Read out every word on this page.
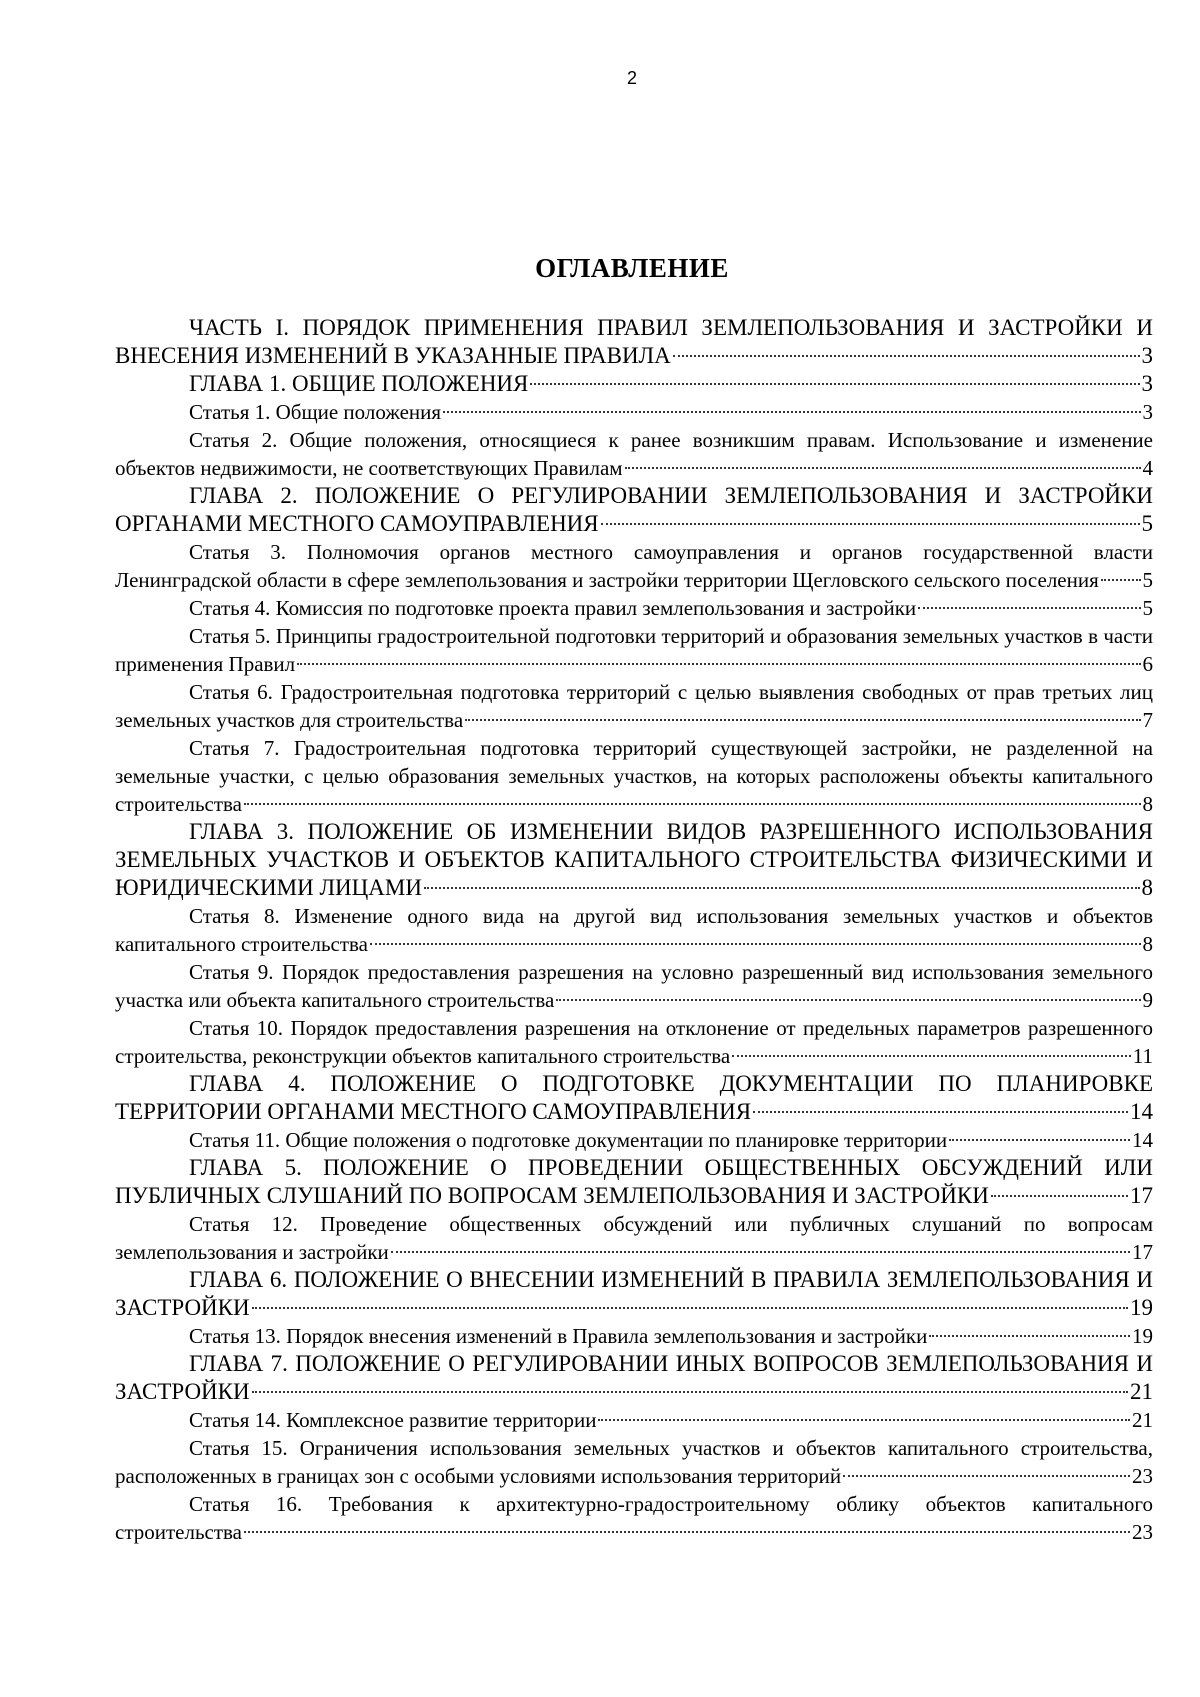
2
ОГЛАВЛЕНИЕ
ЧАСТЬ I. ПОРЯДОК ПРИМЕНЕНИЯ ПРАВИЛ ЗЕМЛЕПОЛЬЗОВАНИЯ И ЗАСТРОЙКИ И
ВНЕСЕНИЯ ИЗМЕНЕНИЙ В УКАЗАННЫЕ ПРАВИЛА	3
ГЛАВА 1. ОБЩИЕ ПОЛОЖЕНИЯ	3
Статья 1. Общие положения	3
Статья 2. Общие положения, относящиеся к ранее возникшим правам. Использование и изменение
объектов недвижимости, не соответствующих Правилам	4
ГЛАВА 2. ПОЛОЖЕНИЕ О РЕГУЛИРОВАНИИ ЗЕМЛЕПОЛЬЗОВАНИЯ И ЗАСТРОЙКИ
ОРГАНАМИ МЕСТНОГО САМОУПРАВЛЕНИЯ	5
Статья 3. Полномочия органов местного самоуправления и органов государственной власти
Ленинградской области в сфере землепользования и застройки территории Щегловского сельского поселения 5
Статья 4. Комиссия по подготовке проекта правил землепользования и застройки	5
Статья 5. Принципы градостроительной подготовки территорий и образования земельных участков в части
применения Правил	6
Статья 6. Градостроительная подготовка территорий с целью выявления свободных от прав третьих лиц
земельных участков для строительства	7
Статья 7. Градостроительная подготовка территорий существующей застройки, не разделенной на
земельные участки, с целью образования земельных участков, на которых расположены объекты капитального
строительства	8
ГЛАВА 3. ПОЛОЖЕНИЕ ОБ ИЗМЕНЕНИИ ВИДОВ РАЗРЕШЕННОГО ИСПОЛЬЗОВАНИЯ
ЗЕМЕЛЬНЫХ УЧАСТКОВ И ОБЪЕКТОВ КАПИТАЛЬНОГО СТРОИТЕЛЬСТВА ФИЗИЧЕСКИМИ И
ЮРИДИЧЕСКИМИ ЛИЦАМИ	8
Статья 8. Изменение одного вида на другой вид использования земельных участков и объектов
капитального строительства	8
Статья 9. Порядок предоставления разрешения на условно разрешенный вид использования земельного
участка или объекта капитального строительства	9
Статья 10. Порядок предоставления разрешения на отклонение от предельных параметров разрешенного
строительства, реконструкции объектов капитального строительства	11
ГЛАВА 4. ПОЛОЖЕНИЕ О ПОДГОТОВКЕ ДОКУМЕНТАЦИИ ПО ПЛАНИРОВКЕ
ТЕРРИТОРИИ ОРГАНАМИ МЕСТНОГО САМОУПРАВЛЕНИЯ	14
Статья 11. Общие положения о подготовке документации по планировке территории	14
ГЛАВА 5. ПОЛОЖЕНИЕ О ПРОВЕДЕНИИ ОБЩЕСТВЕННЫХ ОБСУЖДЕНИЙ ИЛИ
ПУБЛИЧНЫХ СЛУШАНИЙ ПО ВОПРОСАМ ЗЕМЛЕПОЛЬЗОВАНИЯ И ЗАСТРОЙКИ	17
Статья 12. Проведение общественных обсуждений или публичных слушаний по вопросам
землепользования и застройки	17
ГЛАВА 6. ПОЛОЖЕНИЕ О ВНЕСЕНИИ ИЗМЕНЕНИЙ В ПРАВИЛА ЗЕМЛЕПОЛЬЗОВАНИЯ И
ЗАСТРОЙКИ	19
Статья 13. Порядок внесения изменений в Правила землепользования и застройки	19
ГЛАВА 7. ПОЛОЖЕНИЕ О РЕГУЛИРОВАНИИ ИНЫХ ВОПРОСОВ ЗЕМЛЕПОЛЬЗОВАНИЯ И
ЗАСТРОЙКИ	21
Статья 14. Комплексное развитие территории	21
Статья 15. Ограничения использования земельных участков и объектов капитального строительства,
расположенных в границах зон с особыми условиями использования территорий	23
Статья 16. Требования к архитектурно-градостроительному облику объектов капитального
строительства	23
